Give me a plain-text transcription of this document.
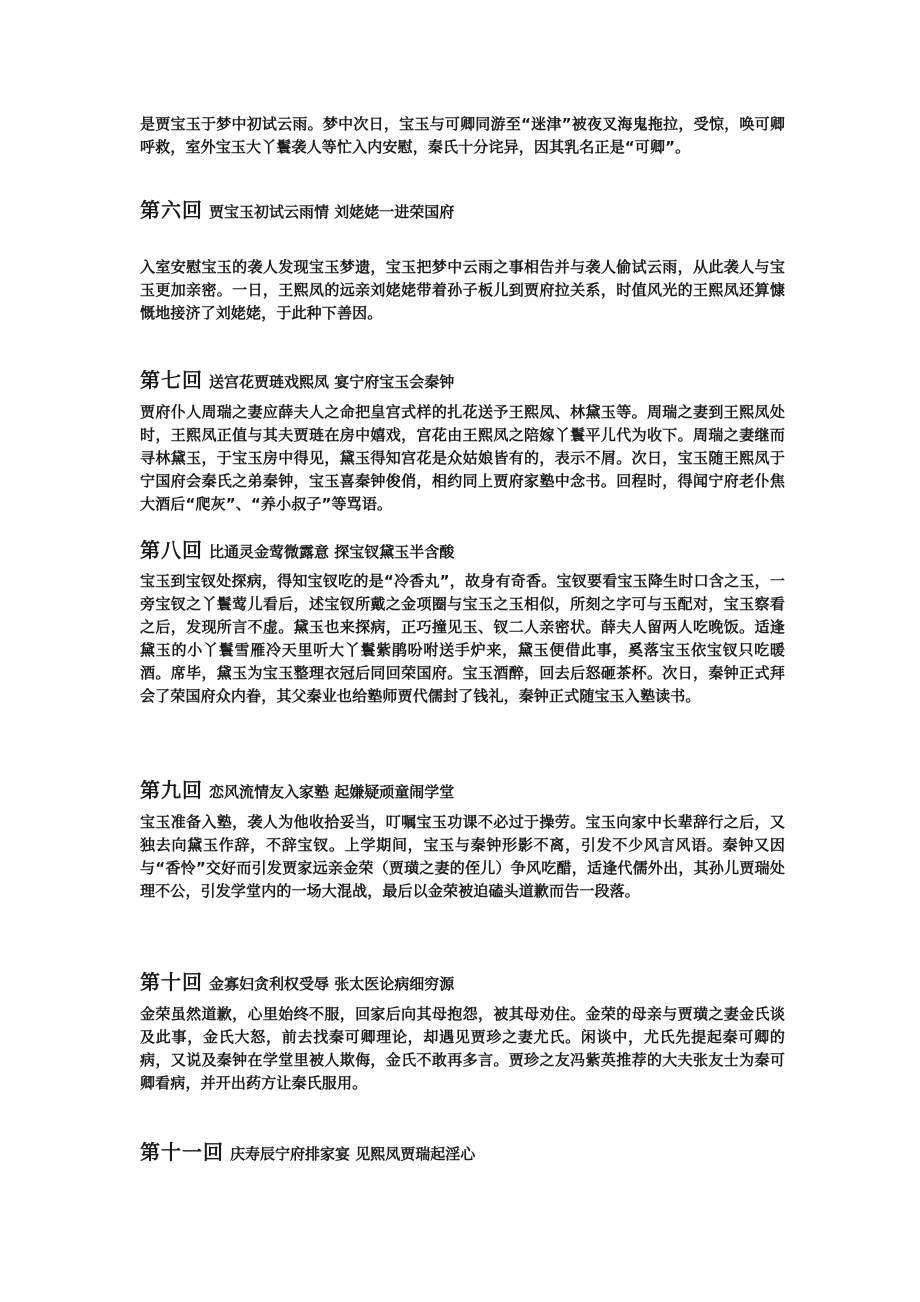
是贾宝玉于梦中初试云雨。梦中次日，宝玉与可卿同游至“迷津”被夜叉海鬼拖拉，受惊，唤可卿呼救，室外宝玉大丫鬟袭人等忙入内安慰，秦氏十分诧异，因其乳名正是“可卿”。

第六回 贾宝玉初试云雨情 刘姥姥一进荣国府

入室安慰宝玉的袭人发现宝玉梦遗，宝玉把梦中云雨之事相告并与袭人偷试云雨，从此袭人与宝玉更加亲密。一日，王熙凤的远亲刘姥姥带着孙子板儿到贾府拉关系，时值风光的王熙凤还算慷慨地接济了刘姥姥，于此种下善因。

第七回 送宫花贾琏戏熙凤 宴宁府宝玉会秦钟

贾府仆人周瑞之妻应薛夫人之命把皇宫式样的扎花送予王熙凤、林黛玉等。周瑞之妻到王熙凤处时，王熙凤正值与其夫贾琏在房中嬉戏，宫花由王熙凤之陪嫁丫鬟平儿代为收下。周瑞之妻继而寻林黛玉，于宝玉房中得见，黛玉得知宫花是众姑娘皆有的，表示不屑。次日，宝玉随王熙凤于宁国府会秦氏之弟秦钟，宝玉喜秦钟俊俏，相约同上贾府家塾中念书。回程时，得闻宁府老仆焦大酒后“爬灰”、“养小叔子”等骂语。

第八回 比通灵金莺微露意 探宝钗黛玉半含酸

宝玉到宝钗处探病，得知宝钗吃的是“冷香丸”，故身有奇香。宝钗要看宝玉降生时口含之玉，一旁宝钗之丫鬟莺儿看后，述宝钗所戴之金项圈与宝玉之玉相似，所刻之字可与玉配对，宝玉察看之后，发现所言不虚。黛玉也来探病，正巧撞见玉、钗二人亲密状。薛夫人留两人吃晚饭。适逢黛玉的小丫鬟雪雁冷天里听大丫鬟紫鹃吩咐送手炉来，黛玉便借此事，奚落宝玉依宝钗只吃暖酒。席毕，黛玉为宝玉整理衣冠后同回荣国府。宝玉酒醉，回去后怒砸茶杯。次日，秦钟正式拜会了荣国府众内眷，其父秦业也给塾师贾代儒封了钱礼，秦钟正式随宝玉入塾读书。

第九回 恋风流情友入家塾 起嫌疑顽童闹学堂

宝玉准备入塾，袭人为他收拾妥当，叮嘱宝玉功课不必过于操劳。宝玉向家中长辈辞行之后，又独去向黛玉作辞，不辞宝钗。上学期间，宝玉与秦钟形影不离，引发不少风言风语。秦钟又因与“香怜”交好而引发贾家远亲金荣（贾璜之妻的侄儿）争风吃醋，适逢代儒外出，其孙儿贾瑞处理不公，引发学堂内的一场大混战，最后以金荣被迫磕头道歉而告一段落。

第十回 金寡妇贪利权受辱 张太医论病细穷源

金荣虽然道歉，心里始终不服，回家后向其母抱怨，被其母劝住。金荣的母亲与贾璜之妻金氏谈及此事，金氏大怒，前去找秦可卿理论，却遇见贾珍之妻尤氏。闲谈中，尤氏先提起秦可卿的病，又说及秦钟在学堂里被人欺侮，金氏不敢再多言。贾珍之友冯紫英推荐的大夫张友士为秦可卿看病，并开出药方让秦氏服用。

第十一回 庆寿辰宁府排家宴 见熙凤贾瑞起淫心
